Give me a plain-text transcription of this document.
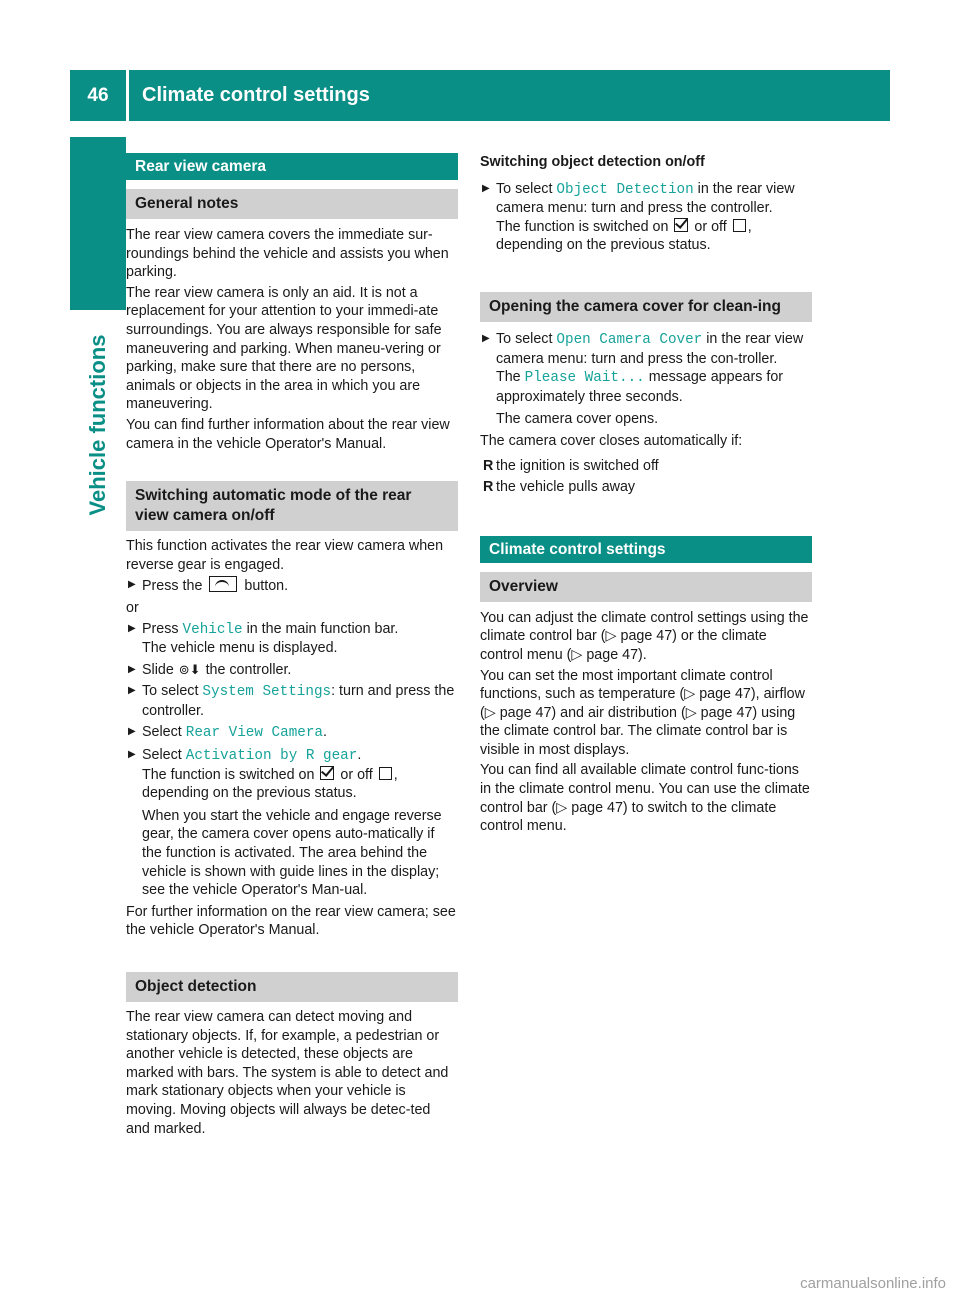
46	Climate control settings
Vehicle functions
Rear view camera
General notes

The rear view camera covers the immediate sur-roundings behind the vehicle and assists you when parking.

The rear view camera is only an aid. It is not a replacement for your attention to your immedi-ate surroundings. You are always responsible for safe maneuvering and parking. When maneu-vering or parking, make sure that there are no persons, animals or objects in the area in which you are maneuvering.

You can find further information about the rear view camera in the vehicle Operator's Manual.

Switching automatic mode of the rear view camera on/off

This function activates the rear view camera when reverse gear is engaged.

▶ Press the	button.

or

▶ Press Vehicle in the main function bar.
The vehicle menu is displayed.
▶ Slide ⊚⬇ the controller.
▶ To select System Settings: turn and press the controller.
▶ Select Rear View Camera.
▶ Select Activation by R gear.
The function is switched on or off , depending on the previous status.
When you start the vehicle and engage reverse gear, the camera cover opens auto-matically if the function is activated. The area behind the vehicle is shown with guide lines in the display; see the vehicle Operator's Man-ual.

For further information on the rear view camera; see the vehicle Operator's Manual.

Object detection

The rear view camera can detect moving and stationary objects. If, for example, a pedestrian or another vehicle is detected, these objects are marked with bars. The system is able to detect and mark stationary objects when your vehicle is moving. Moving objects will always be detec-ted and marked.

Switching object detection on/off
▶ To select Object Detection in the rear view camera menu: turn and press the controller.
The function is switched on or off , depending on the previous status.
Opening the camera cover for clean-ing
▶ To select Open Camera Cover in the rear view camera menu: turn and press the con-troller.
The Please Wait... message appears for approximately three seconds.
The camera cover opens.

The camera cover closes automatically if:

R the ignition is switched off
R the vehicle pulls away
Climate control settings
Overview

You can adjust the climate control settings using the climate control bar (▷ page 47) or the climate control menu (▷ page 47).

You can set the most important climate control functions, such as temperature (▷ page 47), airflow (▷ page 47) and air distribution (▷ page 47) using the climate control bar. The climate control bar is visible in most displays.

You can find all available climate control func-tions in the climate control menu. You can use the climate control bar (▷ page 47) to switch to the climate control menu.

carmanualsonline.info
